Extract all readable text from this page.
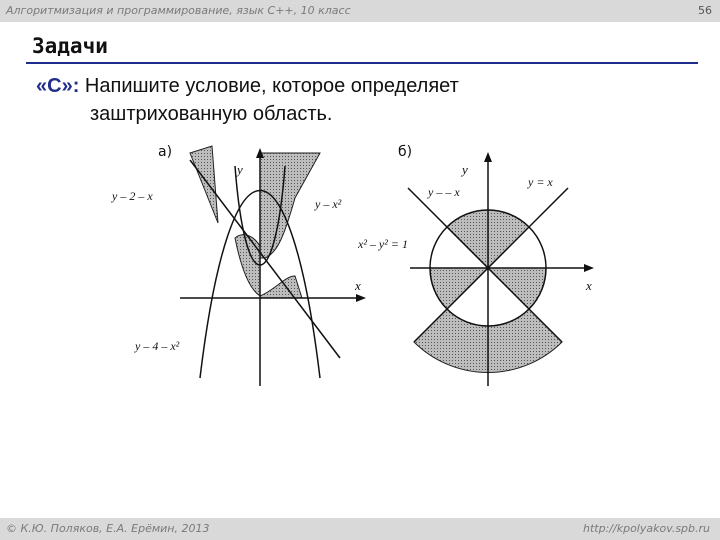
Алгоритмизация и программирование, язык C++, 10 класс	56
Задачи
«C»: Напишите условие, которое определяет
заштрихованную область.
а)
y
x
y – 2 – x
y – x²
y – 4 – x²
б)
y
x
y – – x
y = x
x² – y² = 1
© К.Ю. Поляков, Е.А. Ерёмин, 2013	http://kpolyakov.spb.ru
